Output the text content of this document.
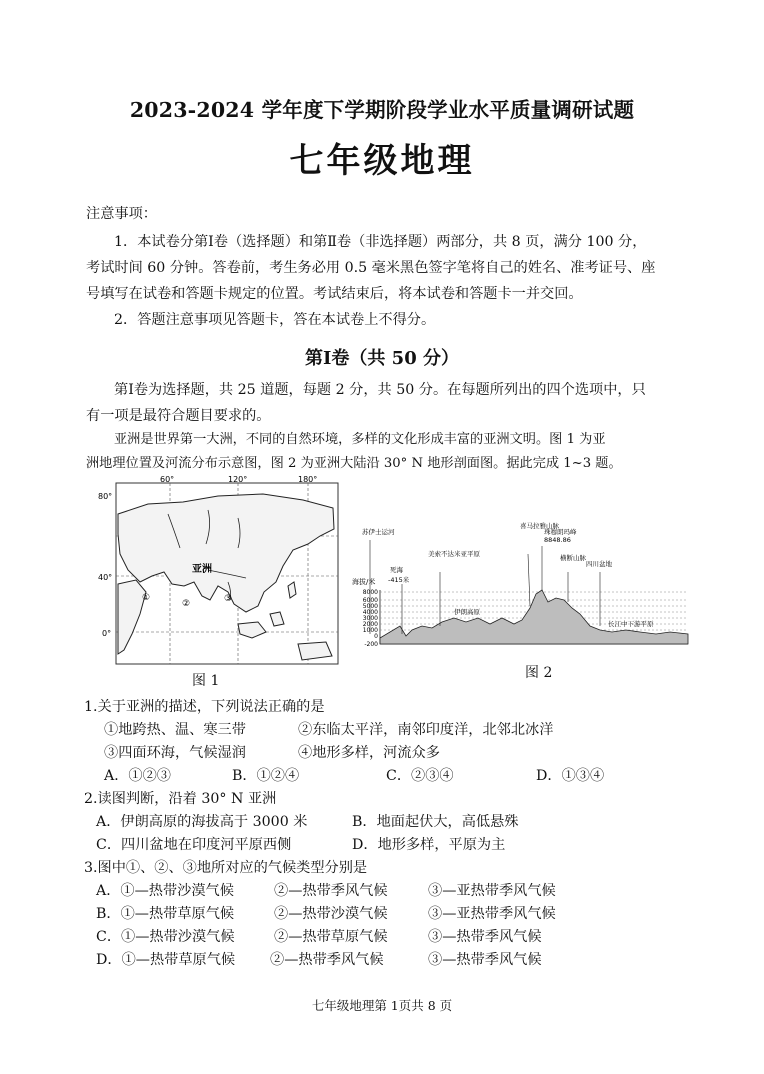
2023-2024 学年度下学期阶段学业水平质量调研试题
七年级地理
注意事项：
1．本试卷分第Ⅰ卷（选择题）和第Ⅱ卷（非选择题）两部分，共 8 页，满分 100 分，
考试时间 60 分钟。答卷前，考生务必用 0.5 毫米黑色签字笔将自己的姓名、准考证号、座
号填写在试卷和答题卡规定的位置。考试结束后，将本试卷和答题卡一并交回。
2．答题注意事项见答题卡，答在本试卷上不得分。
第Ⅰ卷（共 50 分）
第Ⅰ卷为选择题，共 25 道题，每题 2 分，共 50 分。在每题所列出的四个选项中，只
有一项是最符合题目要求的。
亚洲是世界第一大洲，不同的自然环境，多样的文化形成丰富的亚洲文明。图 1 为亚
洲地理位置及河流分布示意图，图 2 为亚洲大陆沿 30° N 地形剖面图。据此完成 1~3 题。
60°	120°	180°
80°
40°
0°
亚洲
①
②	③
图 1
8000
6000
5000
4000
3000
2000
1000
0
-200
海拔/米
苏伊士运河
死海
-415米
美索不达米亚平原
喜马拉雅山脉
珠穆朗玛峰
8848.86
横断山脉
四川盆地
伊朗高原
长江中下游平原
图 2
1.关于亚洲的描述，下列说法正确的是
①地跨热、温、寒三带	②东临太平洋，南邻印度洋，北邻北冰洋
③四面环海，气候湿润	④地形多样，河流众多
A．①②③	B．①②④	C．②③④	D．①③④
2.读图判断，沿着 30° N 亚洲
A．伊朗高原的海拔高于 3000 米	B．地面起伏大，高低悬殊
C．四川盆地在印度河平原西侧	D．地形多样，平原为主
3.图中①、②、③地所对应的气候类型分别是
A．①—热带沙漠气候	②—热带季风气候	③—亚热带季风气候
B．①—热带草原气候	②—热带沙漠气候	③—亚热带季风气候
C．①—热带沙漠气候	②—热带草原气候	③—热带季风气候
D．①—热带草原气候 ②—热带季风气候	③—热带季风气候
七年级地理第 1页共 8 页
